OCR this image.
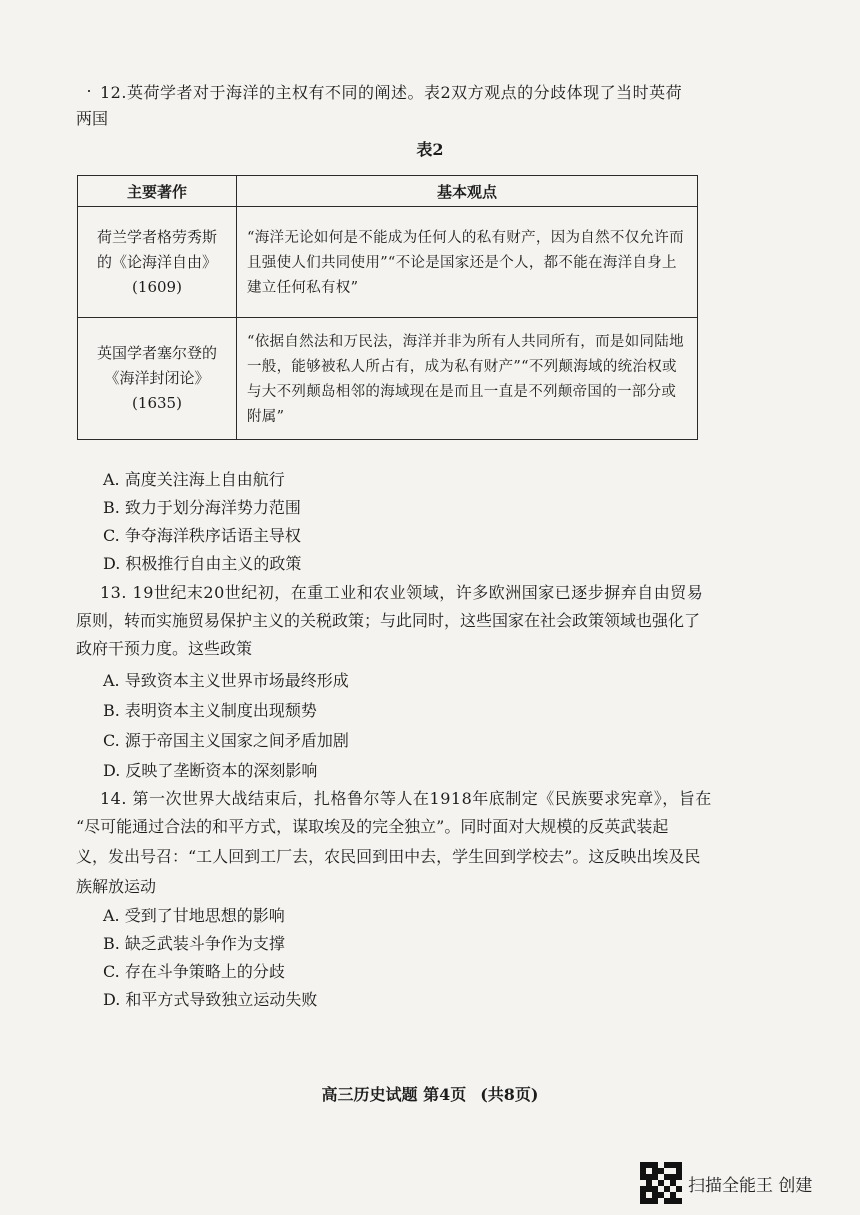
12.英荷学者对于海洋的主权有不同的阐述。表2双方观点的分歧体现了当时英荷
两国
表2
主要著作	基本观点
荷兰学者格劳秀斯
的《论海洋自由》
(1609)	“海洋无论如何是不能成为任何人的私有财产，因为自然不仅允许而且强使人们共同使用”“不论是国家还是个人，都不能在海洋自身上建立任何私有权”
英国学者塞尔登的
《海洋封闭论》
(1635)	“依据自然法和万民法，海洋并非为所有人共同所有，而是如同陆地一般，能够被私人所占有，成为私有财产”“不列颠海域的统治权或与大不列颠岛相邻的海域现在是而且一直是不列颠帝国的一部分或附属”
A. 高度关注海上自由航行
B. 致力于划分海洋势力范围
C. 争夺海洋秩序话语主导权
D. 积极推行自由主义的政策
13. 19世纪末20世纪初，在重工业和农业领域，许多欧洲国家已逐步摒弃自由贸易
原则，转而实施贸易保护主义的关税政策；与此同时，这些国家在社会政策领域也强化了
政府干预力度。这些政策
A. 导致资本主义世界市场最终形成
B. 表明资本主义制度出现颓势
C. 源于帝国主义国家之间矛盾加剧
D. 反映了垄断资本的深刻影响
14. 第一次世界大战结束后，扎格鲁尔等人在1918年底制定《民族要求宪章》，旨在
“尽可能通过合法的和平方式，谋取埃及的完全独立”。同时面对大规模的反英武装起
义，发出号召：“工人回到工厂去，农民回到田中去，学生回到学校去”。这反映出埃及民
族解放运动
A. 受到了甘地思想的影响
B. 缺乏武装斗争作为支撑
C. 存在斗争策略上的分歧
D. 和平方式导致独立运动失败
高三历史试题 第4页 (共8页)
扫描全能王 创建
